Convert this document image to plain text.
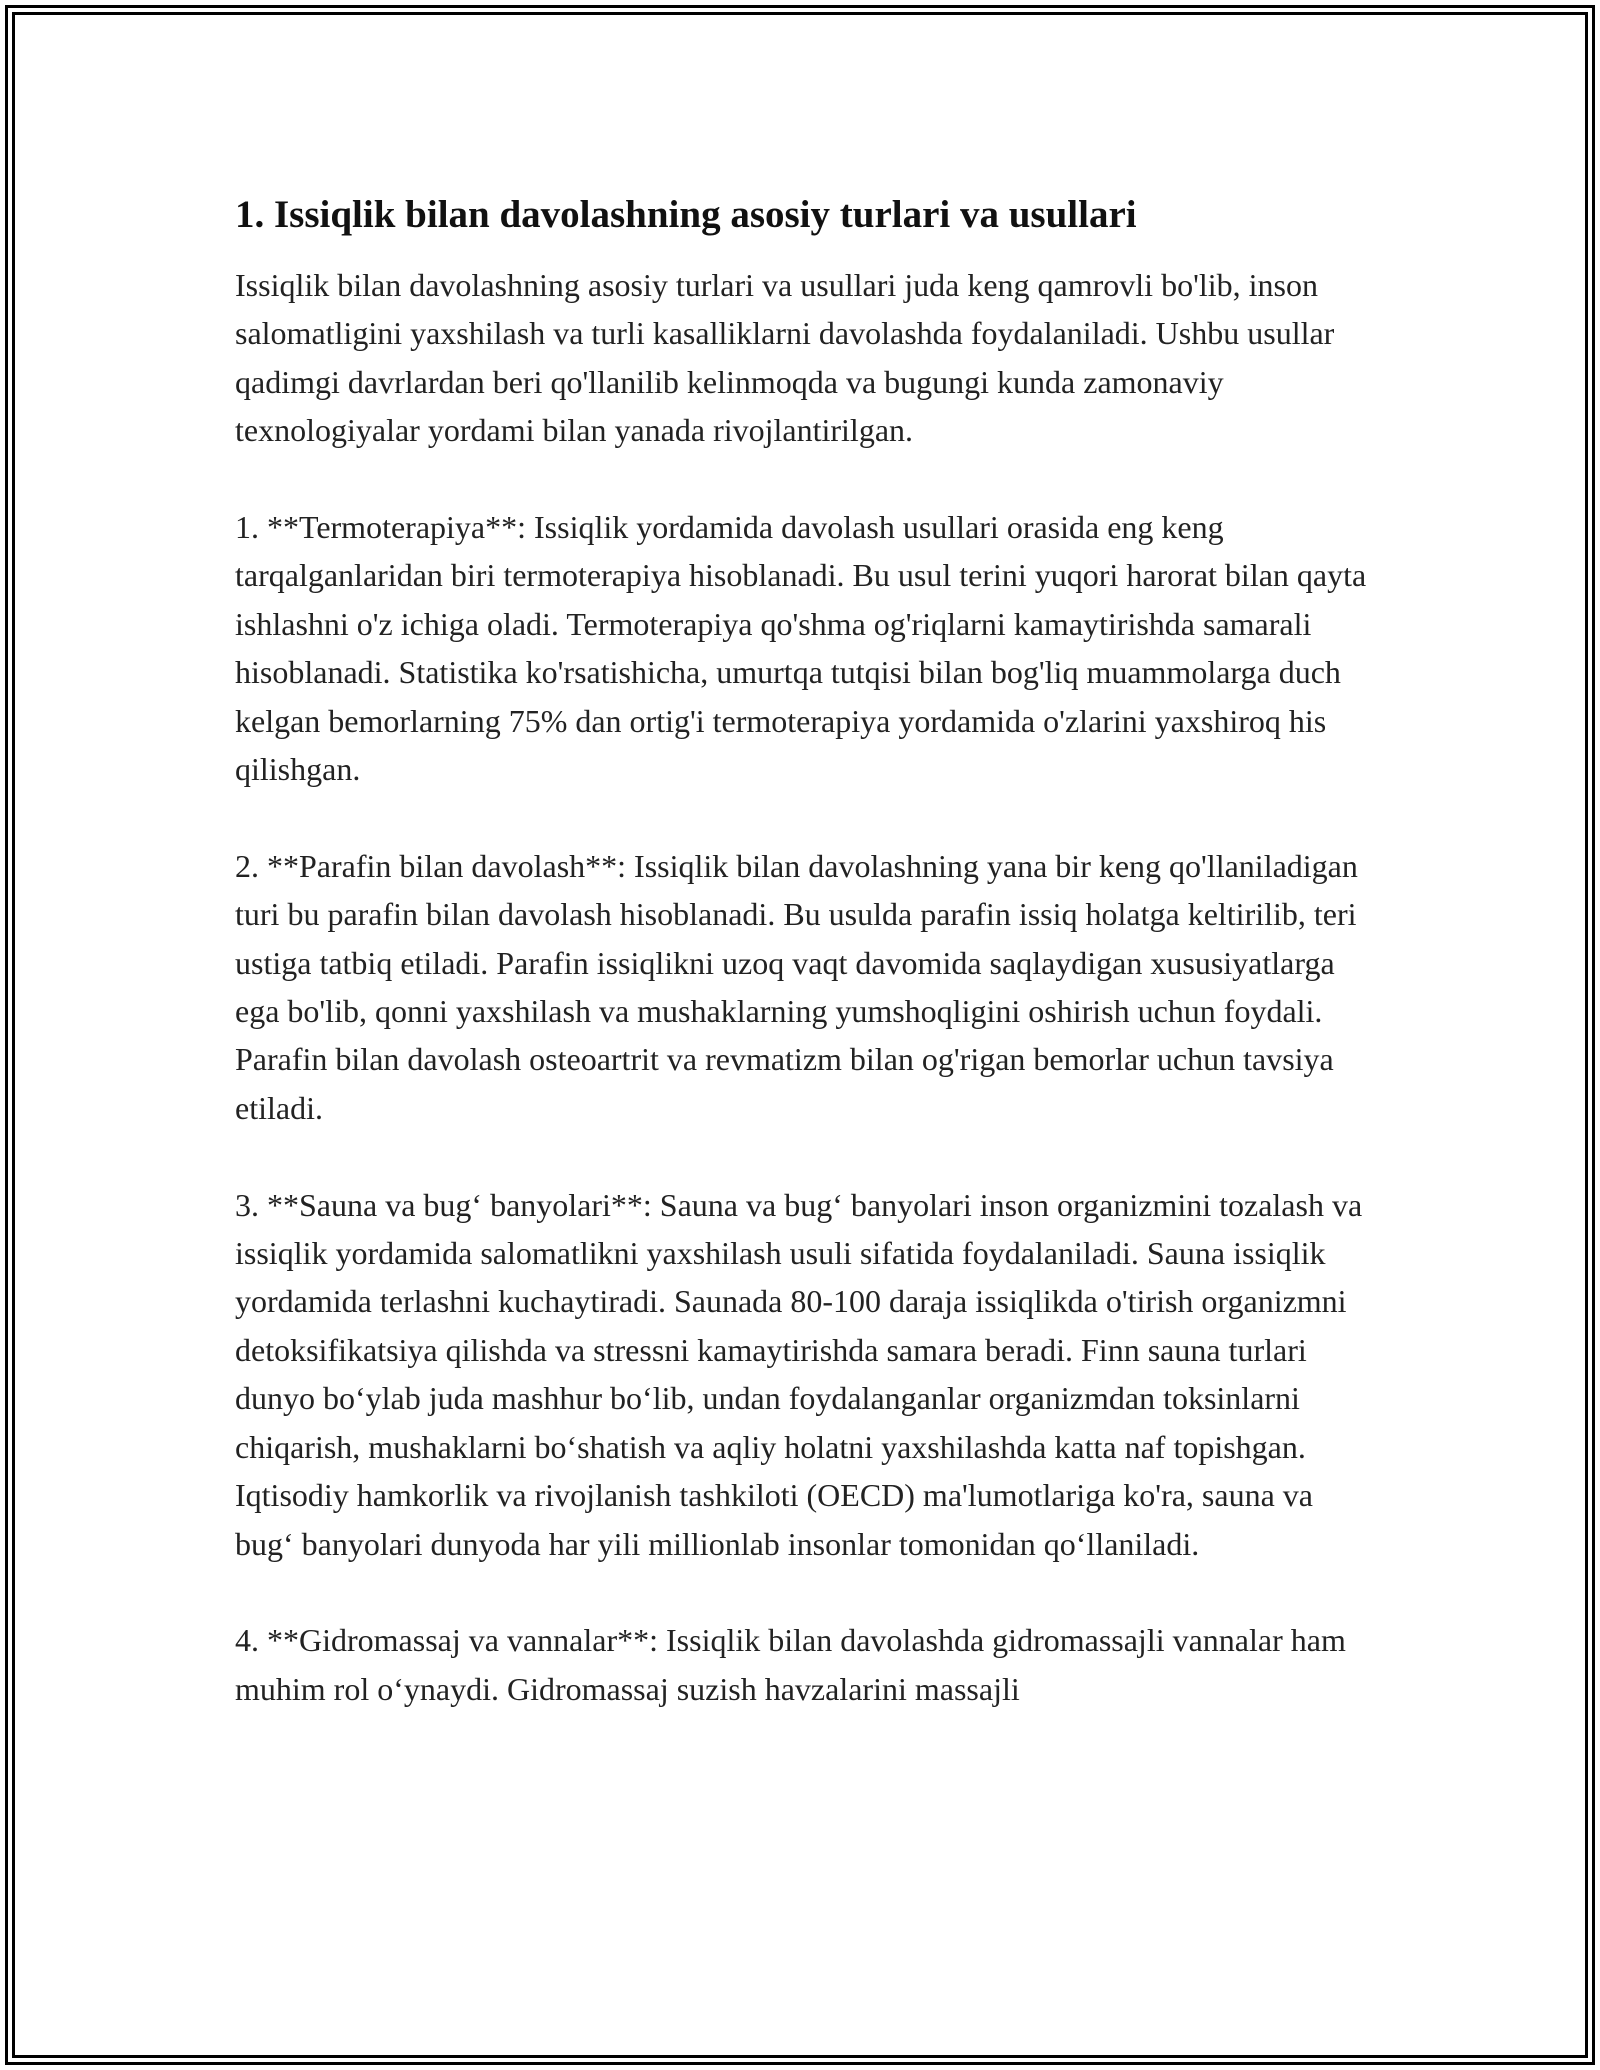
1. Issiqlik bilan davolashning asosiy turlari va usullari

Issiqlik bilan davolashning asosiy turlari va usullari juda keng qamrovli bo'lib, inson salomatligini yaxshilash va turli kasalliklarni davolashda foydalaniladi. Ushbu usullar qadimgi davrlardan beri qo'llanilib kelinmoqda va bugungi kunda zamonaviy texnologiyalar yordami bilan yanada rivojlantirilgan.

1. **Termoterapiya**: Issiqlik yordamida davolash usullari orasida eng keng tarqalganlaridan biri termoterapiya hisoblanadi. Bu usul terini yuqori harorat bilan qayta ishlashni o'z ichiga oladi. Termoterapiya qo'shma og'riqlarni kamaytirishda samarali hisoblanadi. Statistika ko'rsatishicha, umurtqa tutqisi bilan bog'liq muammolarga duch kelgan bemorlarning 75% dan ortig'i termoterapiya yordamida o'zlarini yaxshiroq his qilishgan.

2. **Parafin bilan davolash**: Issiqlik bilan davolashning yana bir keng qo'llaniladigan turi bu parafin bilan davolash hisoblanadi. Bu usulda parafin issiq holatga keltirilib, teri ustiga tatbiq etiladi. Parafin issiqlikni uzoq vaqt davomida saqlaydigan xususiyatlarga ega bo'lib, qonni yaxshilash va mushaklarning yumshoqligini oshirish uchun foydali. Parafin bilan davolash osteoartrit va revmatizm bilan og'rigan bemorlar uchun tavsiya etiladi.

3. **Sauna va bug‘ banyolari**: Sauna va bug‘ banyolari inson organizmini tozalash va issiqlik yordamida salomatlikni yaxshilash usuli sifatida foydalaniladi. Sauna issiqlik yordamida terlashni kuchaytiradi. Saunada 80-100 daraja issiqlikda o'tirish organizmni detoksifikatsiya qilishda va stressni kamaytirishda samara beradi. Finn sauna turlari dunyo bo‘ylab juda mashhur bo‘lib, undan foydalanganlar organizmdan toksinlarni chiqarish, mushaklarni bo‘shatish va aqliy holatni yaxshilashda katta naf topishgan. Iqtisodiy hamkorlik va rivojlanish tashkiloti (OECD) ma'lumotlariga ko'ra, sauna va bug‘ banyolari dunyoda har yili millionlab insonlar tomonidan qo‘llaniladi.

4. **Gidromassaj va vannalar**: Issiqlik bilan davolashda gidromassajli vannalar ham muhim rol o‘ynaydi. Gidromassaj suzish havzalarini massajli
